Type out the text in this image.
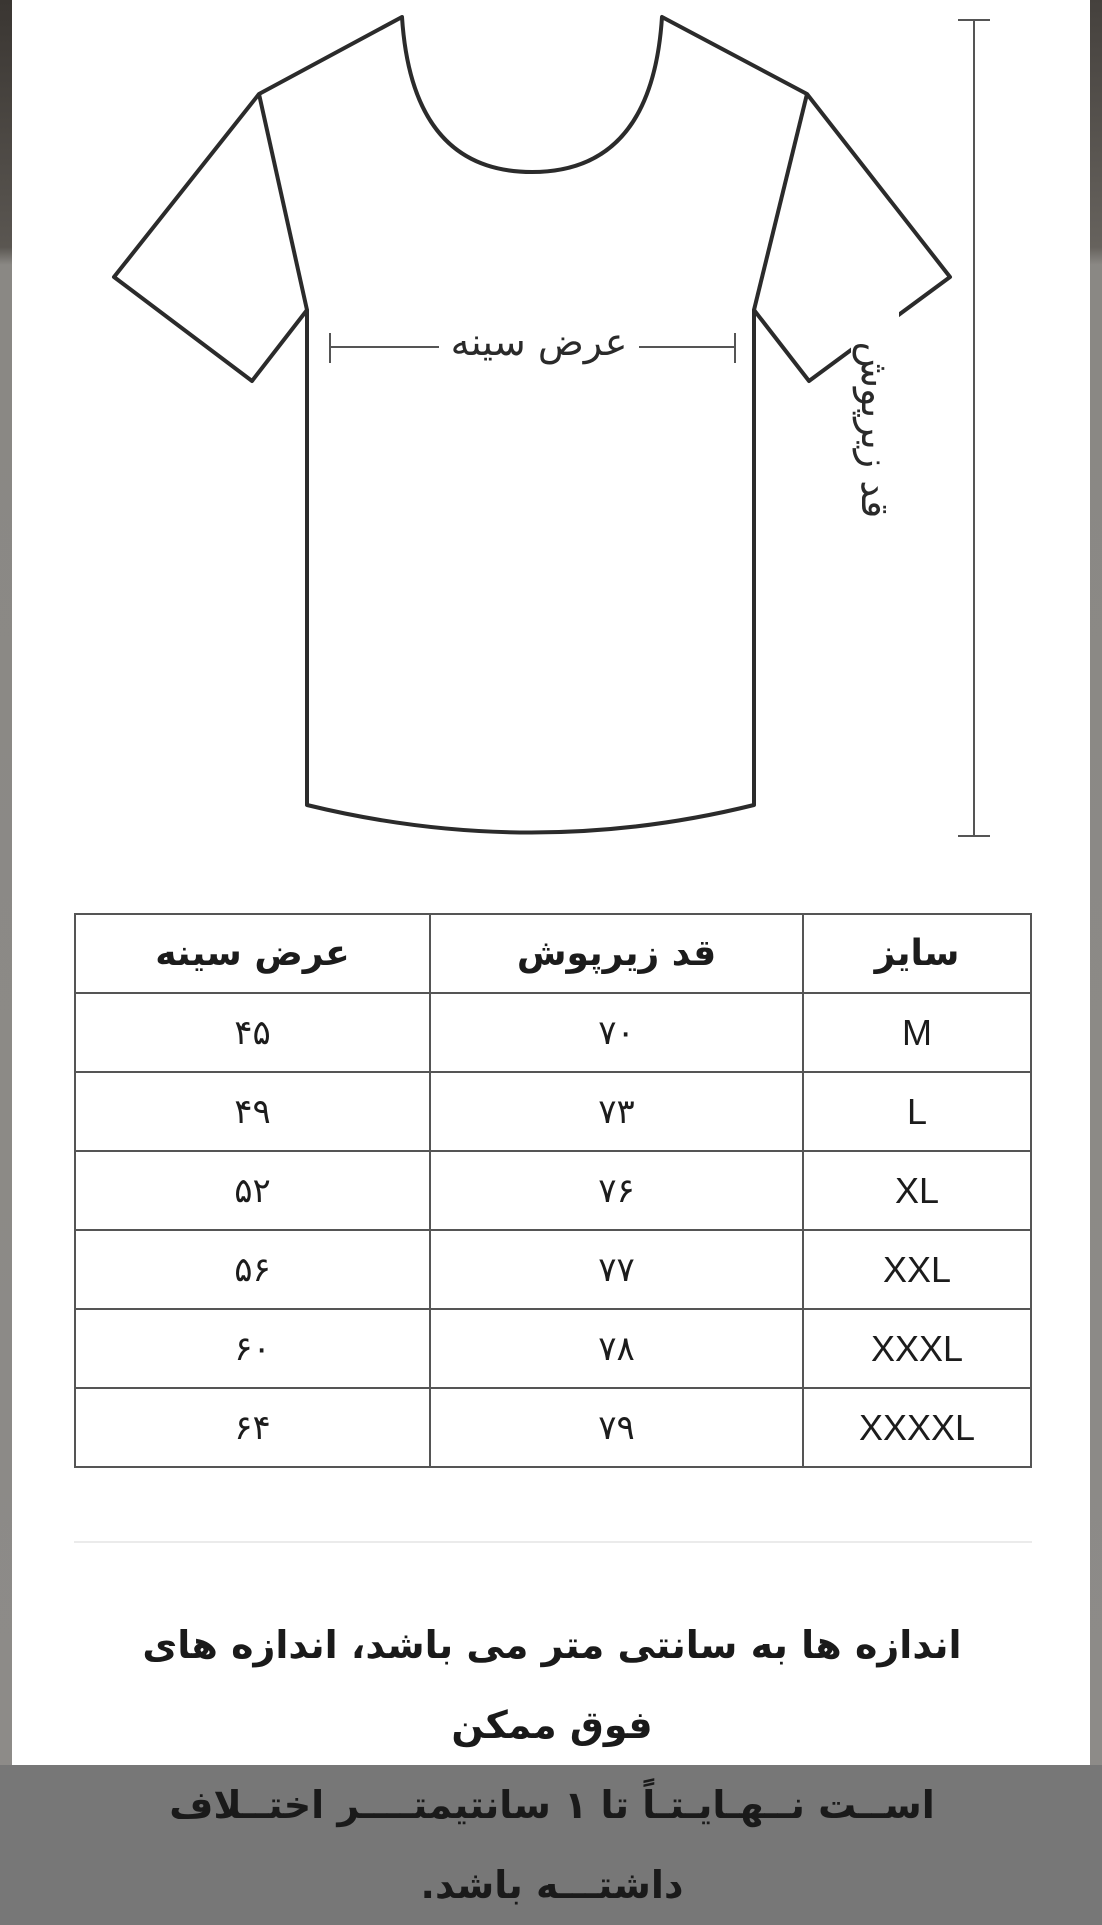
عرض سینه	قد زیرپوش
سایز	قد زیرپوش	عرض سینه
M	۷۰	۴۵
L	۷۳	۴۹
XL	۷۶	۵۲
XXL	۷۷	۵۶
XXXL	۷۸	۶۰
XXXXL	۷۹	۶۴
اندازه ها به سانتی متر می باشد، اندازه های فوق ممکن
اســت نــهـایـتـاً تا ۱ سانتیمتــــر اختــلاف داشتـــه باشد.
